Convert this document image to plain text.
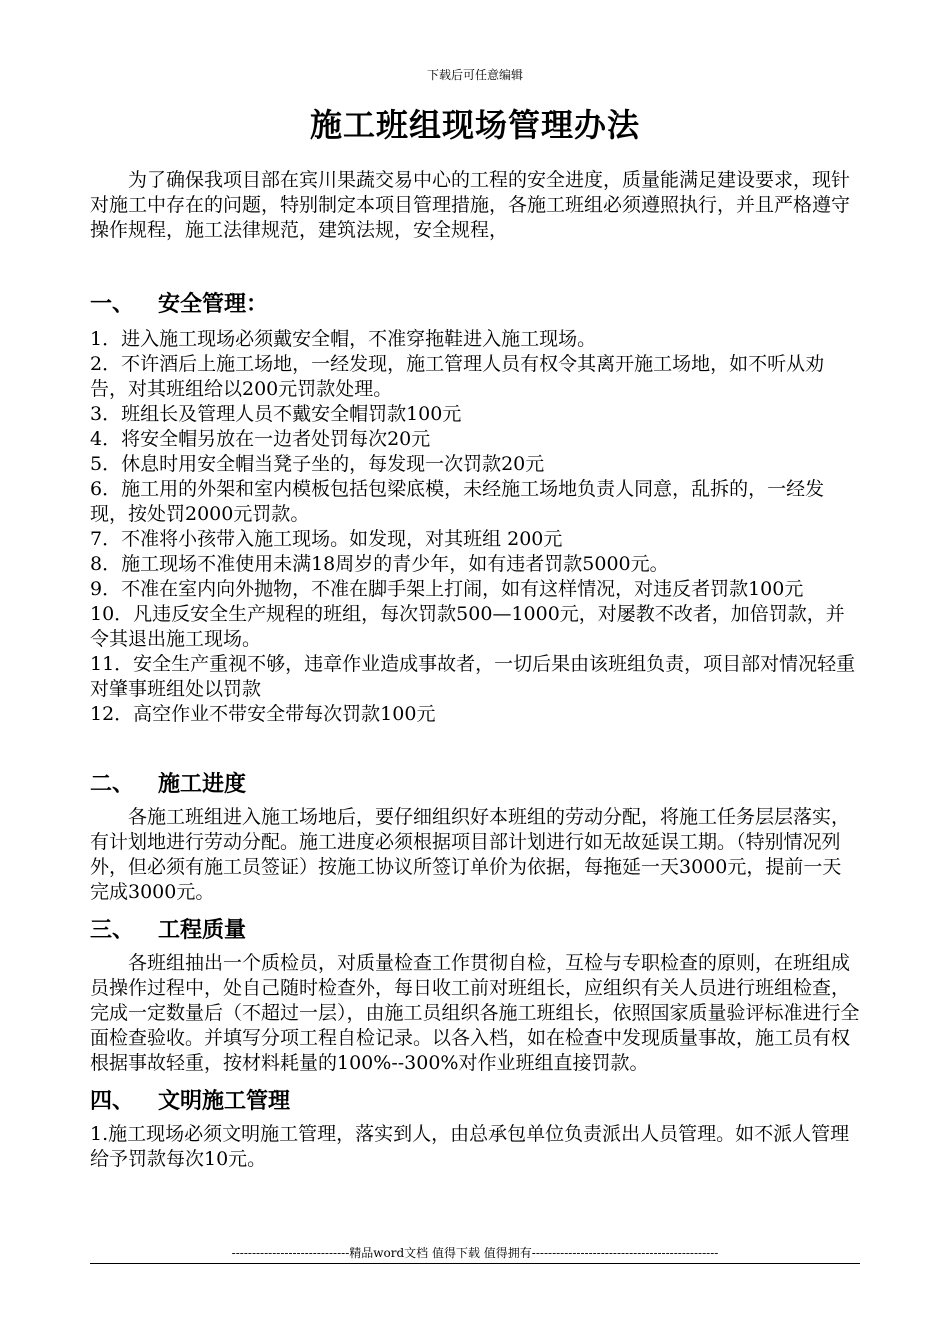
下载后可任意编辑
施工班组现场管理办法

为了确保我项目部在宾川果蔬交易中心的工程的安全进度，质量能满足建设要求，现针对施工中存在的问题，特别制定本项目管理措施，各施工班组必须遵照执行，并且严格遵守操作规程，施工法律规范，建筑法规，安全规程，

一、	安全管理：

1．进入施工现场必须戴安全帽，不准穿拖鞋进入施工现场。

2．不许酒后上施工场地，一经发现，施工管理人员有权令其离开施工场地，如不听从劝告，对其班组给以200元罚款处理。

3．班组长及管理人员不戴安全帽罚款100元

4．将安全帽另放在一边者处罚每次20元

5．休息时用安全帽当凳子坐的，每发现一次罚款20元

6．施工用的外架和室内模板包括包梁底模，未经施工场地负责人同意，乱拆的，一经发现，按处罚2000元罚款。

7．不准将小孩带入施工现场。如发现，对其班组 200元

8．施工现场不准使用未满18周岁的青少年，如有违者罚款5000元。

9．不准在室内向外抛物，不准在脚手架上打闹，如有这样情况，对违反者罚款100元

10．凡违反安全生产规程的班组，每次罚款500—1000元，对屡教不改者，加倍罚款，并令其退出施工现场。

11．安全生产重视不够，违章作业造成事故者，一切后果由该班组负责，项目部对情况轻重对肇事班组处以罚款

12．高空作业不带安全带每次罚款100元

二、	施工进度

各施工班组进入施工场地后，要仔细组织好本班组的劳动分配，将施工任务层层落实，有计划地进行劳动分配。施工进度必须根据项目部计划进行如无故延误工期。（特别情况列外，但必须有施工员签证）按施工协议所签订单价为依据，每拖延一天3000元，提前一天完成3000元。

三、	工程质量

各班组抽出一个质检员，对质量检查工作贯彻自检，互检与专职检查的原则，在班组成员操作过程中，处自己随时检查外，每日收工前对班组长，应组织有关人员进行班组检查，完成一定数量后（不超过一层），由施工员组织各施工班组长，依照国家质量验评标准进行全面检查验收。并填写分项工程自检记录。以各入档，如在检查中发现质量事故，施工员有权根据事故轻重，按材料耗量的100%--300%对作业班组直接罚款。

四、	文明施工管理

1.施工现场必须文明施工管理，落实到人，由总承包单位负责派出人员管理。如不派人管理给予罚款每次10元。

-----------------------------精品word文档 值得下载 值得拥有----------------------------------------------
